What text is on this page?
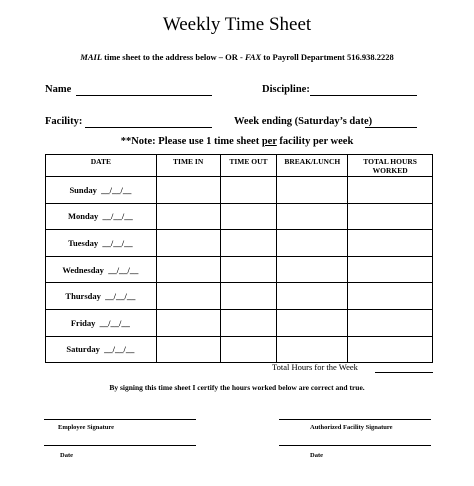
Weekly Time Sheet
MAIL time sheet to the address below – OR - FAX to Payroll Department 516.938.2228
Name	Discipline:
Facility:	Week ending (Saturday’s date)
**Note: Please use 1 time sheet per facility per week
DATE	TIME IN	TIME OUT	BREAK/LUNCH	TOTAL HOURS WORKED
Sunday __/__/__				
Monday __/__/__				
Tuesday __/__/__				
Wednesday __/__/__				
Thursday __/__/__				
Friday __/__/__				
Saturday __/__/__				
Total Hours for the Week
By signing this time sheet I certify the hours worked below are correct and true.
Employee Signature	Authorized Facility Signature
Date	Date
